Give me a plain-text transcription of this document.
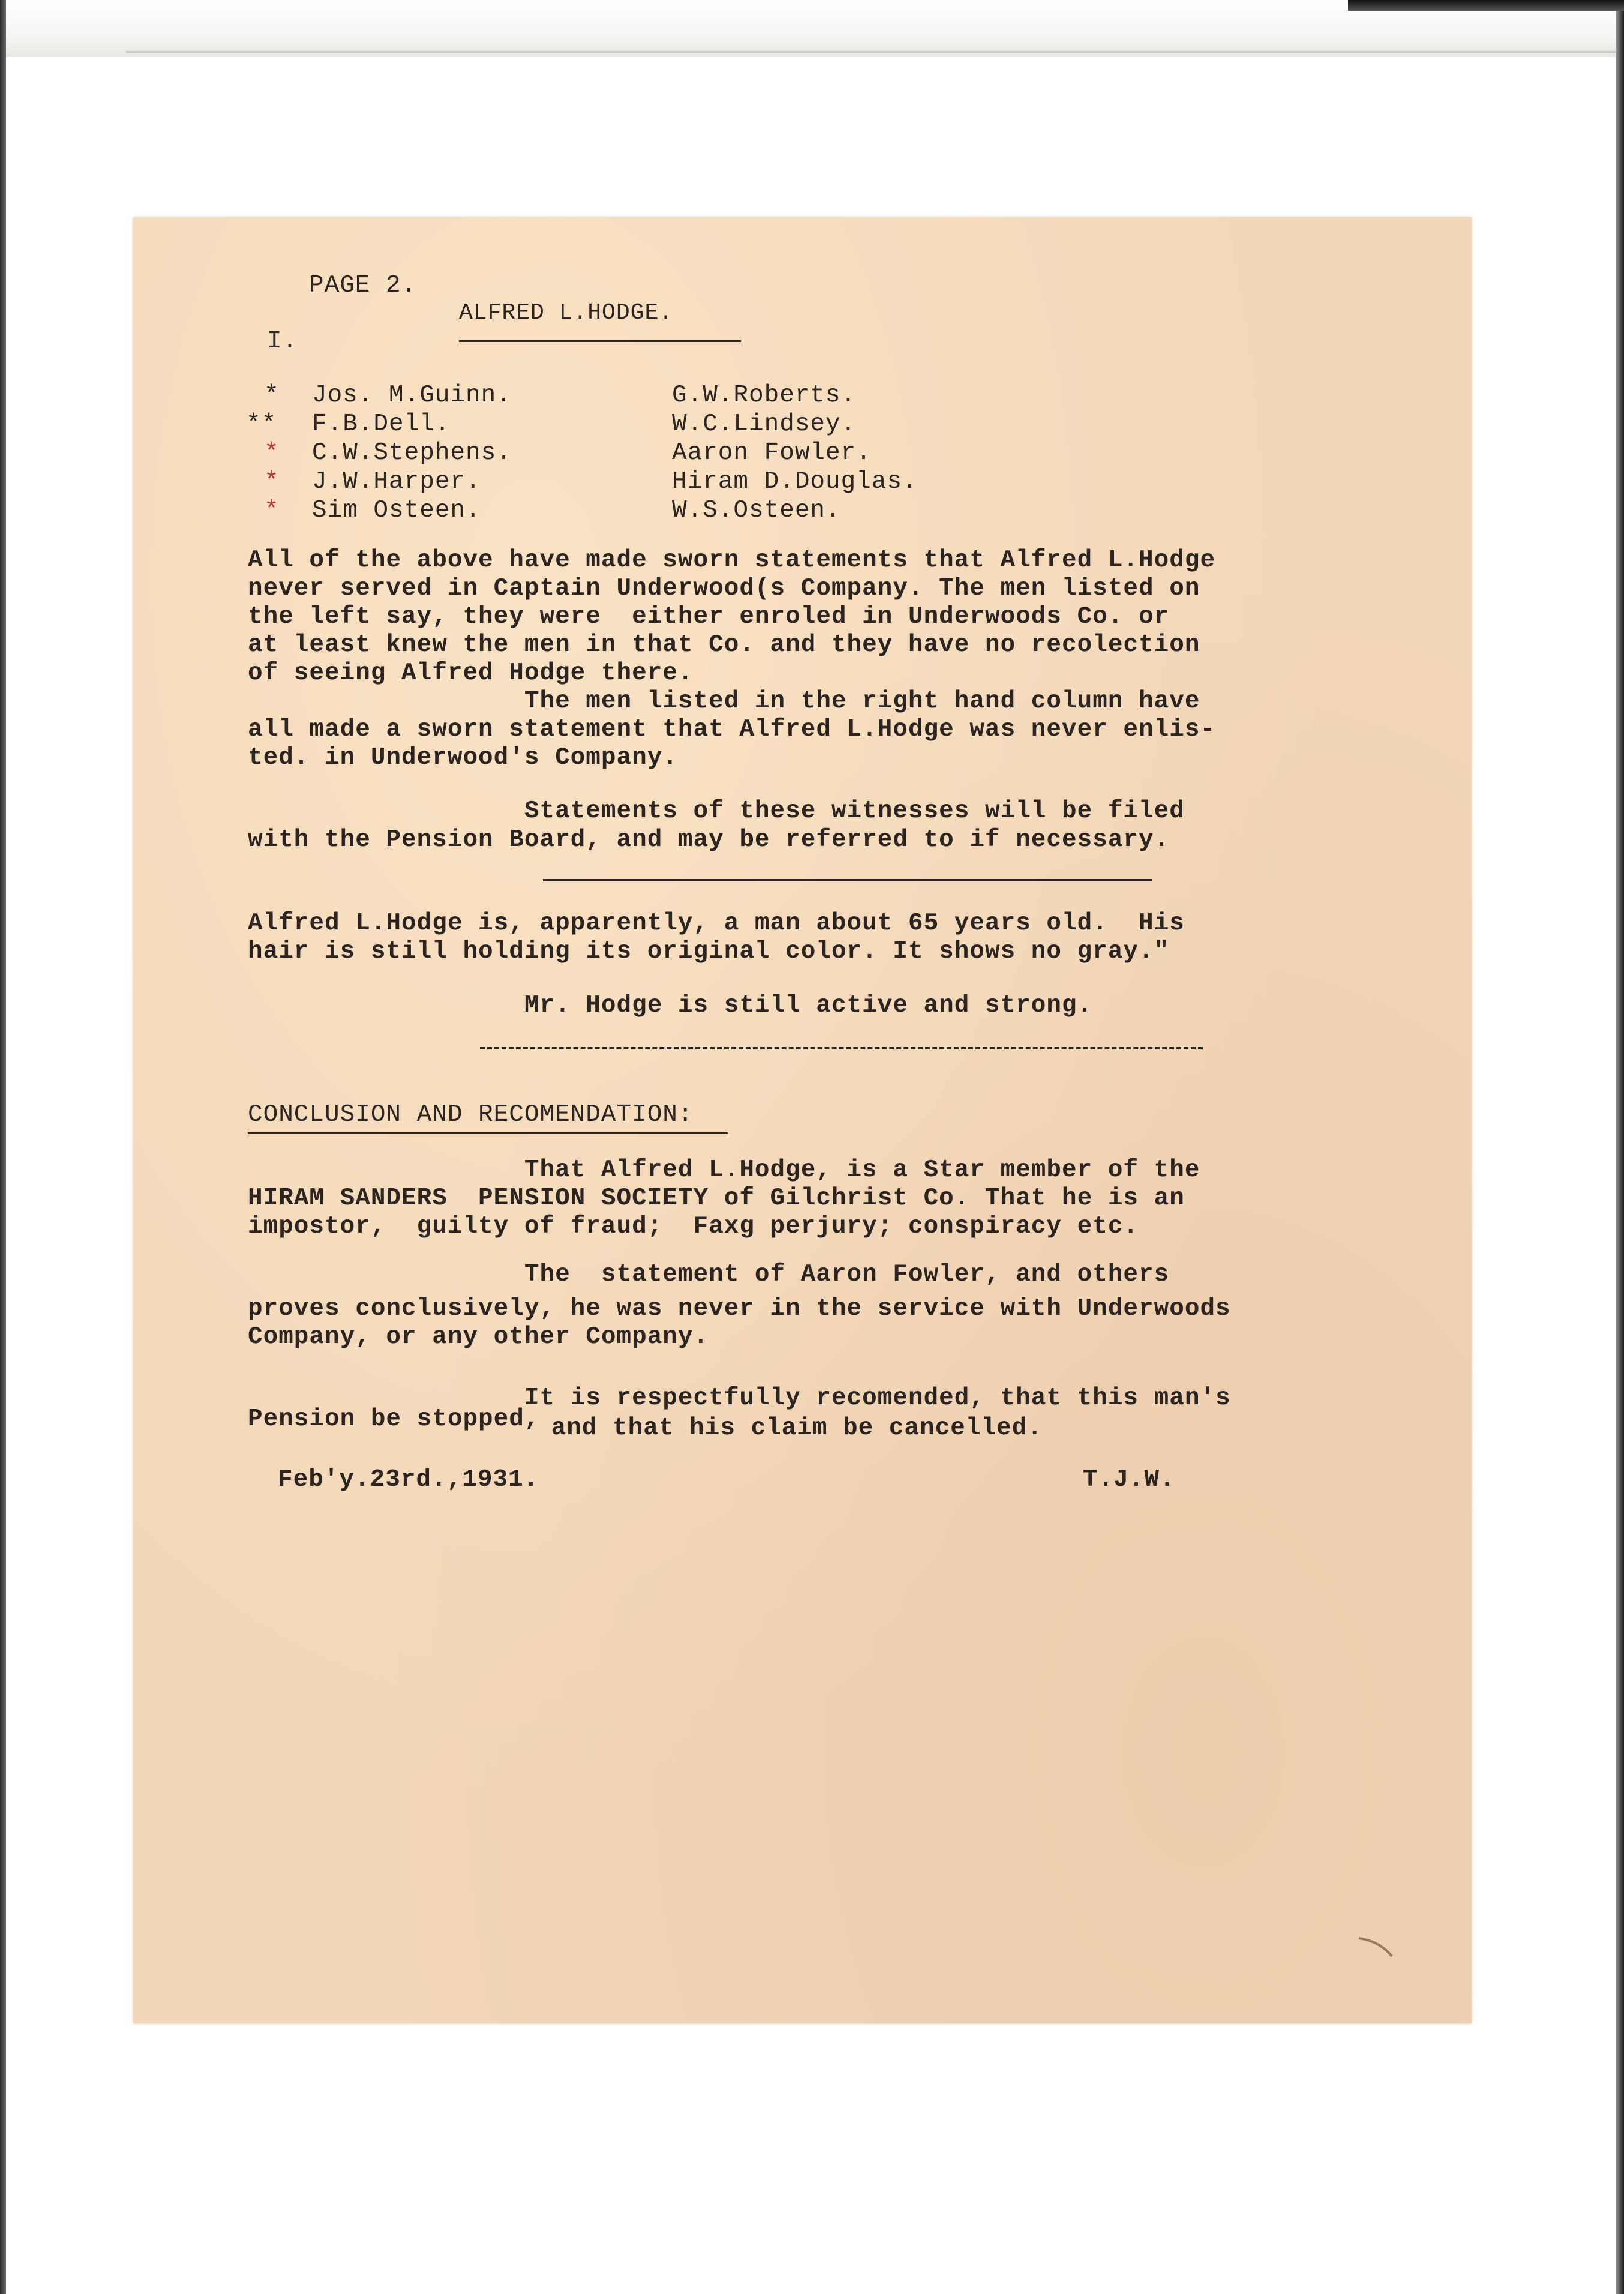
PAGE 2.
ALFRED L.HODGE.
I.
*
**
*
*
*
Jos. M.Guinn.
F.B.Dell.
C.W.Stephens.
J.W.Harper.
Sim Osteen.
G.W.Roberts.
W.C.Lindsey.
Aaron Fowler.
Hiram D.Douglas.
W.S.Osteen.
All of the above have made sworn statements that Alfred L.Hodge
never served in Captain Underwood(s Company. The men listed on
the left say, they were  either enroled in Underwoods Co. or
at least knew the men in that Co. and they have no recolection
of seeing Alfred Hodge there.
The men listed in the right hand column have
all made a sworn statement that Alfred L.Hodge was never enlis-
ted. in Underwood's Company.
Statements of these witnesses will be filed
with the Pension Board, and may be referred to if necessary.
Alfred L.Hodge is, apparently, a man about 65 years old.  His
hair is still holding its original color. It shows no gray."
Mr. Hodge is still active and strong.
CONCLUSION AND RECOMENDATION:
That Alfred L.Hodge, is a Star member of the
HIRAM SANDERS  PENSION SOCIETY of Gilchrist Co. That he is an
impostor,  guilty of fraud;  Faxg perjury; conspiracy etc.
The  statement of Aaron Fowler, and others
proves conclusively, he was never in the service with Underwoods
Company, or any other Company.
It is respectfully recomended, that this man's
Pension be stopped,
and that his claim be cancelled.
Feb'y.23rd.,1931.	T.J.W.
